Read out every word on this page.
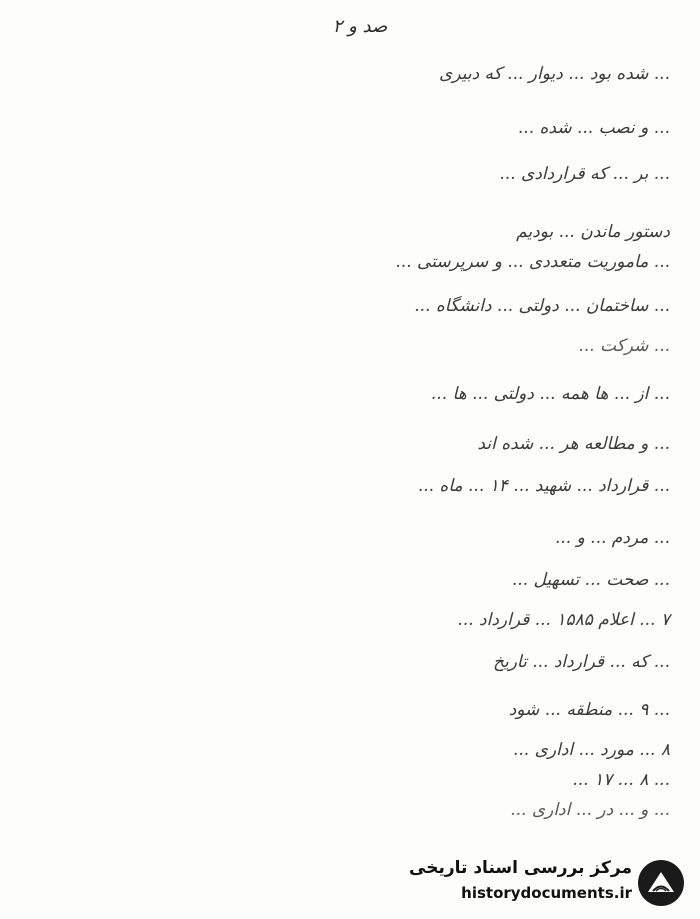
صد و ۲
... شده بود ... دیوار ... که دبیری
... و نصب ... شده ...
... بر ... که قراردادی ...
دستور ماندن ... بودیم
... ماموریت متعددی ... و سرپرستی ...
... ساختمان ... دولتی ... دانشگاه ...
... شرکت ...
... از ... ها همه ... دولتی ... ها ...
... و مطالعه هر ... شده اند
... قرارداد ... شهید ... ۱۴ ... ماه ...
... مردم ... و ...
... صحت ... تسهیل ...
۷ ... اعلام ۱۵۸۵ ... قرارداد ...
... که ... قرارداد ... تاریخ
... ۹ ... منطقه ... شود
۸ ... مورد ... اداری ...
... ۸ ... ۱۷ ...
... و ... در ... اداری ...
مرکز بررسی اسناد تاریخی
historydocuments.ir
